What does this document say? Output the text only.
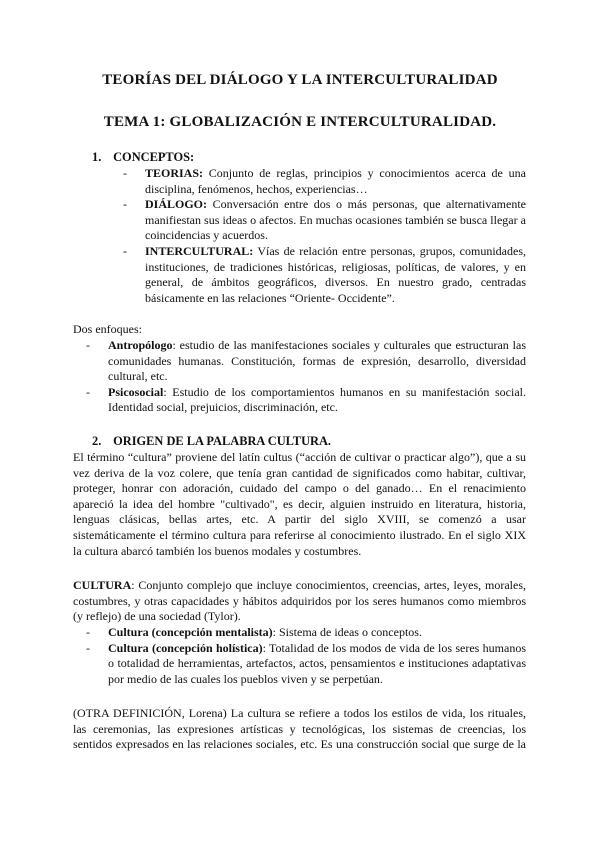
TEORÍAS DEL DIÁLOGO Y LA INTERCULTURALIDAD
TEMA 1: GLOBALIZACIÓN E INTERCULTURALIDAD.
1. CONCEPTOS:
- TEORIAS: Conjunto de reglas, principios y conocimientos acerca de una disciplina, fenómenos, hechos, experiencias…
- DIÁLOGO: Conversación entre dos o más personas, que alternativamente manifiestan sus ideas o afectos. En muchas ocasiones también se busca llegar a coincidencias y acuerdos.
- INTERCULTURAL: Vías de relación entre personas, grupos, comunidades, instituciones, de tradiciones históricas, religiosas, políticas, de valores, y en general, de ámbitos geográficos, diversos. En nuestro grado, centradas básicamente en las relaciones “Oriente- Occidente”.

Dos enfoques:

- Antropólogo: estudio de las manifestaciones sociales y culturales que estructuran las comunidades humanas. Constitución, formas de expresión, desarrollo, diversidad cultural, etc.
- Psicosocial: Estudio de los comportamientos humanos en su manifestación social. Identidad social, prejuicios, discriminación, etc.
2. ORIGEN DE LA PALABRA CULTURA.

El término “cultura” proviene del latín cultus (“acción de cultivar o practicar algo”), que a su vez deriva de la voz colere, que tenía gran cantidad de significados como habitar, cultivar, proteger, honrar con adoración, cuidado del campo o del ganado… En el renacimiento apareció la idea del hombre "cultivado", es decir, alguien instruido en literatura, historia, lenguas clásicas, bellas artes, etc. A partir del siglo XVIII, se comenzó a usar sistemáticamente el término cultura para referirse al conocimiento ilustrado. En el siglo XIX la cultura abarcó también los buenos modales y costumbres.

CULTURA: Conjunto complejo que incluye conocimientos, creencias, artes, leyes, morales, costumbres, y otras capacidades y hábitos adquiridos por los seres humanos como miembros (y reflejo) de una sociedad (Tylor).

- Cultura (concepción mentalista): Sistema de ideas o conceptos.
- Cultura (concepción holística): Totalidad de los modos de vida de los seres humanos o totalidad de herramientas, artefactos, actos, pensamientos e instituciones adaptativas por medio de las cuales los pueblos viven y se perpetúan.

(OTRA DEFINICIÓN, Lorena) La cultura se refiere a todos los estilos de vida, los rituales, las ceremonias, las expresiones artísticas y tecnológicas, los sistemas de creencias, los sentidos expresados en las relaciones sociales, etc. Es una construcción social que surge de la
